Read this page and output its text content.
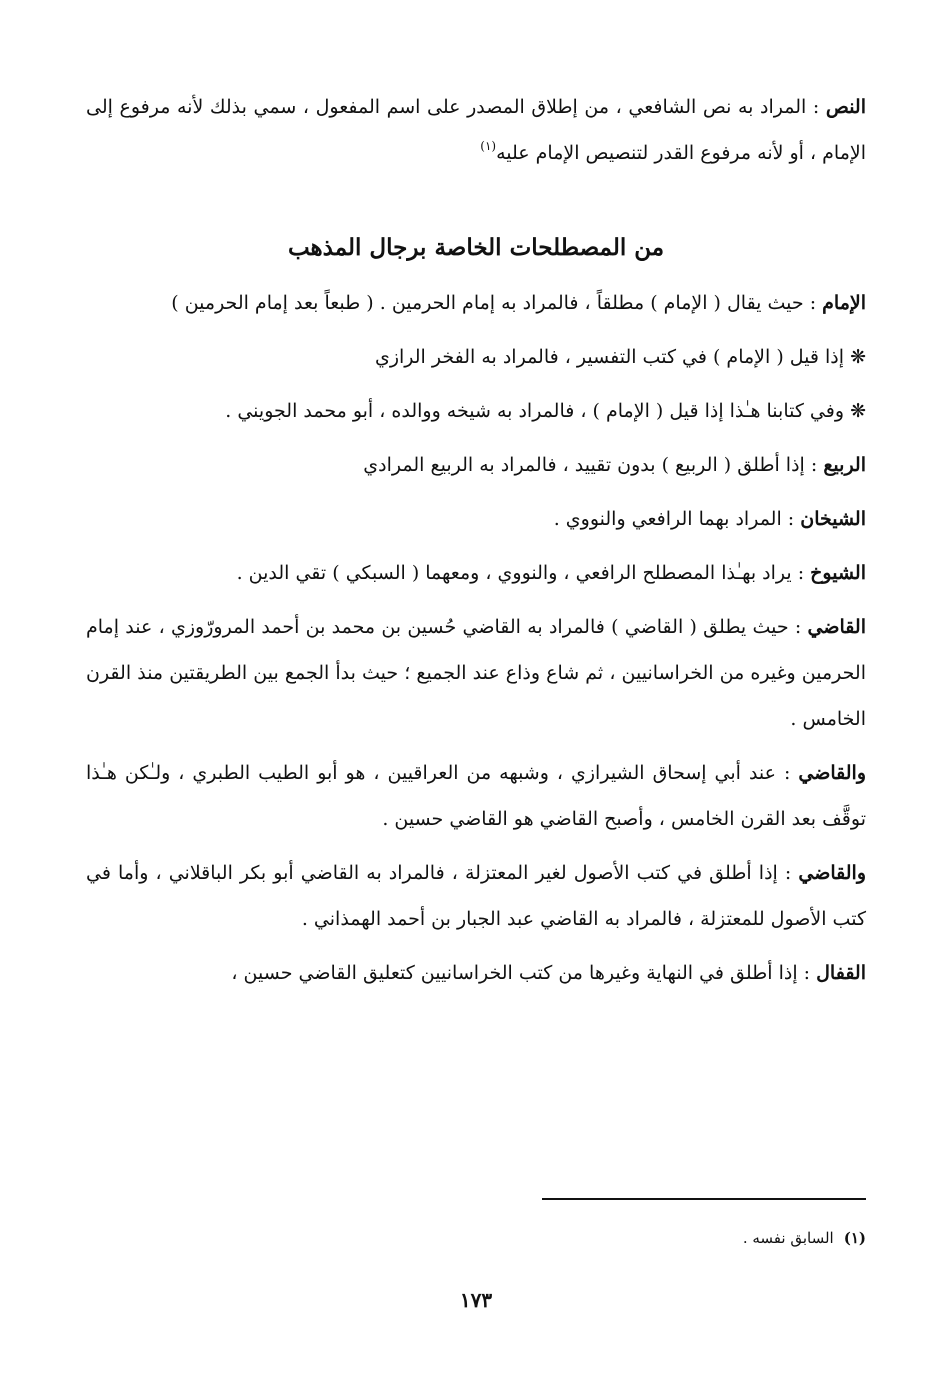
النص : المراد به نص الشافعي ، من إطلاق المصدر على اسم المفعول ، سمي بذلك لأنه مرفوع إلى الإمام ، أو لأنه مرفوع القدر لتنصيص الإمام عليه$^{(١)}$

من المصطلحات الخاصة برجال المذهب

الإمام : حيث يقال ( الإمام ) مطلقاً ، فالمراد به إمام الحرمين . ( طبعاً بعد إمام الحرمين )

❋ إذا قيل ( الإمام ) في كتب التفسير ، فالمراد به الفخر الرازي

❋ وفي كتابنا هـٰذا إذا قيل ( الإمام ) ، فالمراد به شيخه ووالده ، أبو محمد الجويني .

الربيع : إذا أطلق ( الربيع ) بدون تقييد ، فالمراد به الربيع المرادي

الشيخان : المراد بهما الرافعي والنووي .

الشيوخ : يراد بهـٰذا المصطلح الرافعي ، والنووي ، ومعهما ( السبكي ) تقي الدين .

القاضي : حيث يطلق ( القاضي ) فالمراد به القاضي حُسين بن محمد بن أحمد المرورّوزي ، عند إمام الحرمين وغيره من الخراسانيين ، ثم شاع وذاع عند الجميع ؛ حيث بدأ الجمع بين الطريقتين منذ القرن الخامس .

والقاضي : عند أبي إسحاق الشيرازي ، وشبهه من العراقيين ، هو أبو الطيب الطبري ، ولـٰكن هـٰذا توقَّف بعد القرن الخامس ، وأصبح القاضي هو القاضي حسين .

والقاضي : إذا أطلق في كتب الأصول لغير المعتزلة ، فالمراد به القاضي أبو بكر الباقلاني ، وأما في كتب الأصول للمعتزلة ، فالمراد به القاضي عبد الجبار بن أحمد الهمذاني .

القفال : إذا أطلق في النهاية وغيرها من كتب الخراسانيين كتعليق القاضي حسين ،

(١)السابق نفسه .
١٧٣
